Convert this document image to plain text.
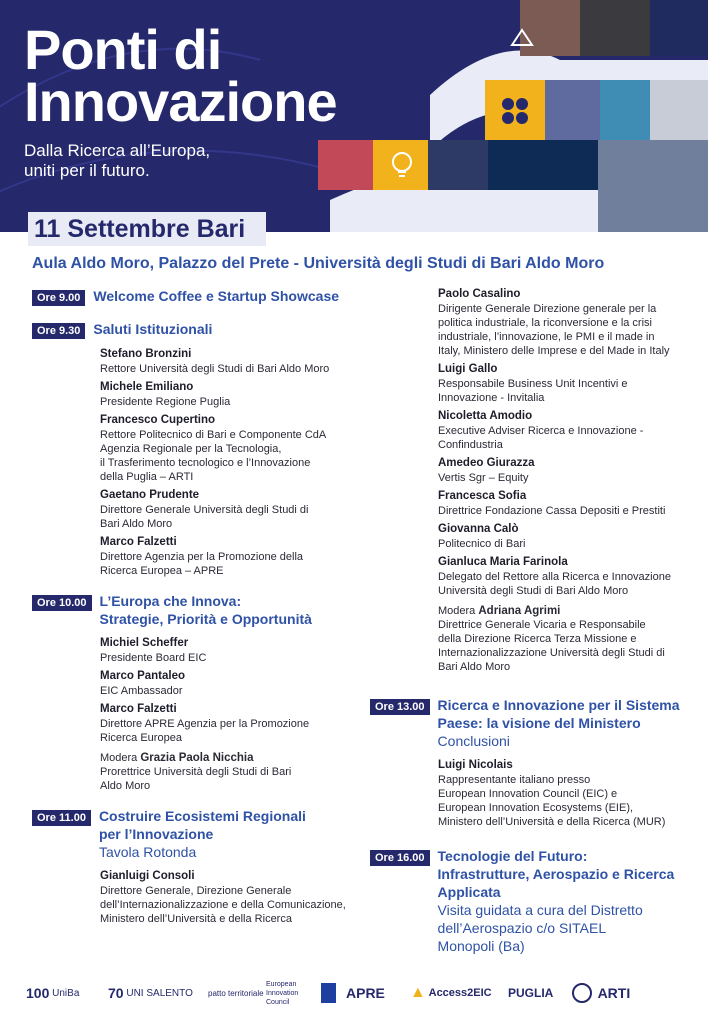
Ponti di
Innovazione
Dalla Ricerca all’Europa,
uniti per il futuro.
11 Settembre Bari
Aula Aldo Moro, Palazzo del Prete - Università degli Studi di Bari Aldo Moro
Ore 9.00 Welcome Coffee e Startup Showcase
Ore 9.30 Saluti Istituzionali
Stefano Bronzini
Rettore Università degli Studi di Bari Aldo Moro
Michele Emiliano
Presidente Regione Puglia
Francesco Cupertino
Rettore Politecnico di Bari e Componente CdA
Agenzia Regionale per la Tecnologia,
il Trasferimento tecnologico e l’Innovazione
della Puglia – ARTI
Gaetano Prudente
Direttore Generale Università degli Studi di
Bari Aldo Moro
Marco Falzetti
Direttore Agenzia per la Promozione della
Ricerca Europea – APRE
Ore 10.00 L’Europa che Innova:
Strategie, Priorità e Opportunità
Michiel Scheffer
Presidente Board EIC
Marco Pantaleo
EIC Ambassador
Marco Falzetti
Direttore APRE Agenzia per la Promozione
Ricerca Europea
Modera Grazia Paola Nicchia
Prorettrice Università degli Studi di Bari
Aldo Moro
Ore 11.00 Costruire Ecosistemi Regionali
per l’Innovazione
Tavola Rotonda
Gianluigi Consoli
Direttore Generale, Direzione Generale
dell’Internazionalizzazione e della Comunicazione,
Ministero dell’Università e della Ricerca
Paolo Casalino
Dirigente Generale Direzione generale per la
politica industriale, la riconversione e la crisi
industriale, l’innovazione, le PMI e il made in
Italy, Ministero delle Imprese e del Made in Italy
Luigi Gallo
Responsabile Business Unit Incentivi e
Innovazione - Invitalia
Nicoletta Amodio
Executive Adviser Ricerca e Innovazione -
Confindustria
Amedeo Giurazza
Vertis Sgr – Equity
Francesca Sofia
Direttrice Fondazione Cassa Depositi e Prestiti
Giovanna Calò
Politecnico di Bari
Gianluca Maria Farinola
Delegato del Rettore alla Ricerca e Innovazione
Università degli Studi di Bari Aldo Moro
Modera Adriana Agrimi
Direttrice Generale Vicaria e Responsabile
della Direzione Ricerca Terza Missione e
Internazionalizzazione Università degli Studi di
Bari Aldo Moro
Ore 13.00 Ricerca e Innovazione per il Sistema
Paese: la visione del Ministero
Conclusioni
Luigi Nicolais
Rappresentante italiano presso
European Innovation Council (EIC) e
European Innovation Ecosystems (EIE),
Ministero dell’Università e della Ricerca (MUR)
Ore 16.00 Tecnologie del Futuro:
Infrastrutture, Aerospazio e Ricerca
Applicata
Visita guidata a cura del Distretto
dell’Aerospazio c/o SITAEL
Monopoli (Ba)
100
UniBa 70
UNI SALENTO patto territoriale
European Innovation Council
APRE ▲
Access2EIC PUGLIA
	ARTI
